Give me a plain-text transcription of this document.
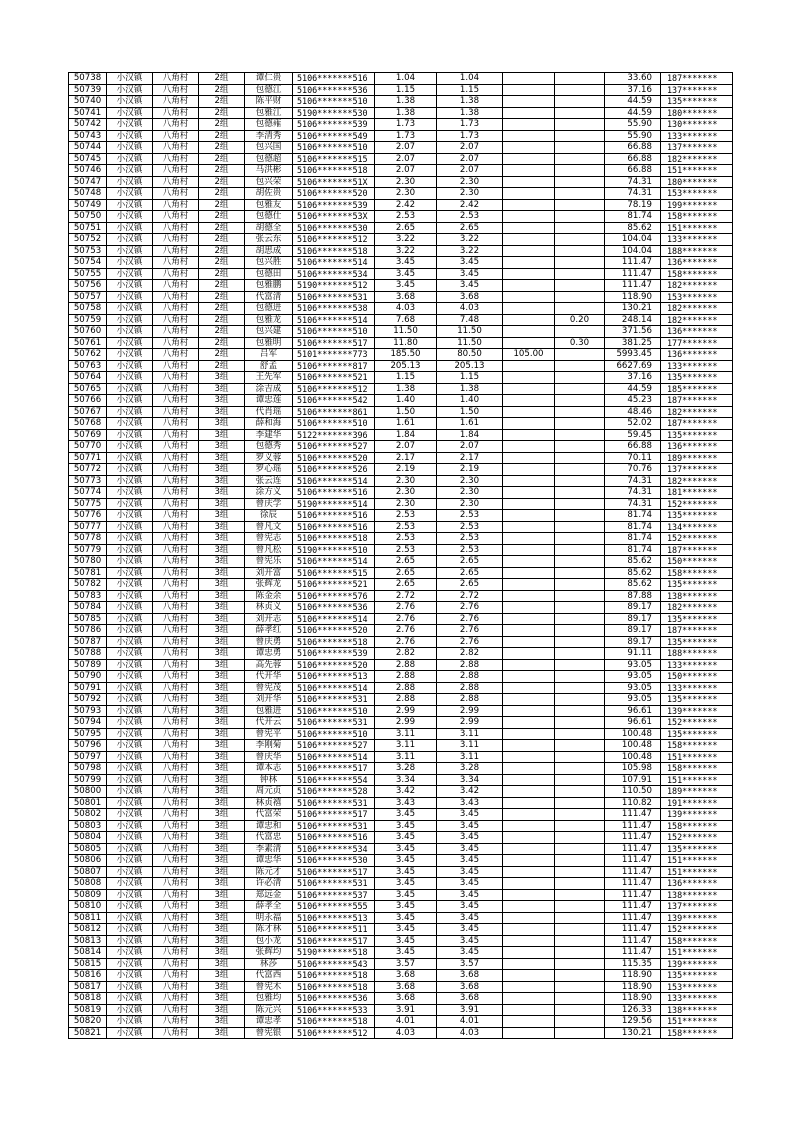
50738	小汉镇	八角村	2组	谭仁贵	5106*******516	1.04	1.04			33.60	187*******
50739	小汉镇	八角村	2组	包德江	5106*******536	1.15	1.15			37.16	137*******
50740	小汉镇	八角村	2组	陈平财	5106*******510	1.38	1.38			44.59	135*******
50741	小汉镇	八角村	2组	包雅江	5190*******530	1.38	1.38			44.59	180*******
50742	小汉镇	八角村	2组	包德雍	5106*******539	1.73	1.73			55.90	130*******
50743	小汉镇	八角村	2组	李清秀	5106*******549	1.73	1.73			55.90	133*******
50744	小汉镇	八角村	2组	包兴国	5106*******510	2.07	2.07			66.88	137*******
50745	小汉镇	八角村	2组	包德超	5106*******515	2.07	2.07			66.88	182*******
50746	小汉镇	八角村	2组	马洪彬	5106*******518	2.07	2.07			66.88	151*******
50747	小汉镇	八角村	2组	包兴荣	5106*******51X	2.30	2.30			74.31	180*******
50748	小汉镇	八角村	2组	胡佐贵	5106*******520	2.30	2.30			74.31	153*******
50749	小汉镇	八角村	2组	包雅友	5106*******539	2.42	2.42			78.19	199*******
50750	小汉镇	八角村	2组	包德仕	5106*******53X	2.53	2.53			81.74	158*******
50751	小汉镇	八角村	2组	胡德全	5106*******530	2.65	2.65			85.62	151*******
50752	小汉镇	八角村	2组	张云东	5106*******512	3.22	3.22			104.04	133*******
50753	小汉镇	八角村	2组	胡思成	5106*******518	3.22	3.22			104.04	188*******
50754	小汉镇	八角村	2组	包兴胜	5106*******514	3.45	3.45			111.47	136*******
50755	小汉镇	八角村	2组	包德田	5106*******534	3.45	3.45			111.47	158*******
50756	小汉镇	八角村	2组	包雅鹏	5190*******512	3.45	3.45			111.47	182*******
50757	小汉镇	八角村	2组	代富清	5106*******531	3.68	3.68			118.90	153*******
50758	小汉镇	八角村	2组	包德进	5106*******538	4.03	4.03			130.21	182*******
50759	小汉镇	八角村	2组	包雅龙	5106*******514	7.68	7.48		0.20	248.14	182*******
50760	小汉镇	八角村	2组	包兴建	5106*******510	11.50	11.50			371.56	136*******
50761	小汉镇	八角村	2组	包雅明	5106*******517	11.80	11.50		0.30	381.25	177*******
50762	小汉镇	八角村	2组	吕军	5101*******773	185.50	80.50	105.00		5993.45	136*******
50763	小汉镇	八角村	2组	舒孟	5106*******817	205.13	205.13			6627.69	133*******
50764	小汉镇	八角村	3组	王先军	5106*******521	1.15	1.15			37.16	135*******
50765	小汉镇	八角村	3组	涂吉成	5106*******512	1.38	1.38			44.59	185*******
50766	小汉镇	八角村	3组	谭忠莲	5106*******542	1.40	1.40			45.23	187*******
50767	小汉镇	八角村	3组	代肖瑶	5106*******861	1.50	1.50			48.46	182*******
50768	小汉镇	八角村	3组	薛和海	5106*******510	1.61	1.61			52.02	187*******
50769	小汉镇	八角村	3组	李建华	5122*******396	1.84	1.84			59.45	135*******
50770	小汉镇	八角村	3组	包德秀	5106*******527	2.07	2.07			66.88	136*******
50771	小汉镇	八角村	3组	罗义蓉	5106*******520	2.17	2.17			70.11	189*******
50772	小汉镇	八角村	3组	罗心瑶	5106*******526	2.19	2.19			70.76	137*******
50773	小汉镇	八角村	3组	张云连	5106*******514	2.30	2.30			74.31	182*******
50774	小汉镇	八角村	3组	涂方义	5106*******516	2.30	2.30			74.31	181*******
50775	小汉镇	八角村	3组	曾庆学	5190*******514	2.30	2.30			74.31	152*******
50776	小汉镇	八角村	3组	徐辰	5106*******516	2.53	2.53			81.74	135*******
50777	小汉镇	八角村	3组	曾凡文	5106*******516	2.53	2.53			81.74	134*******
50778	小汉镇	八角村	3组	曾宪志	5106*******518	2.53	2.53			81.74	152*******
50779	小汉镇	八角村	3组	曾凡松	5190*******510	2.53	2.53			81.74	187*******
50780	小汉镇	八角村	3组	曾宪乐	5106*******514	2.65	2.65			85.62	150*******
50781	小汉镇	八角村	3组	刘开富	5106*******515	2.65	2.65			85.62	158*******
50782	小汉镇	八角村	3组	张辉龙	5106*******521	2.65	2.65			85.62	135*******
50783	小汉镇	八角村	3组	陈金余	5106*******576	2.72	2.72			87.88	138*******
50784	小汉镇	八角村	3组	林贞义	5106*******536	2.76	2.76			89.17	182*******
50785	小汉镇	八角村	3组	刘开志	5106*******514	2.76	2.76			89.17	135*******
50786	小汉镇	八角村	3组	薛孝红	5106*******520	2.76	2.76			89.17	187*******
50787	小汉镇	八角村	3组	曾庆勇	5106*******518	2.76	2.76			89.17	135*******
50788	小汉镇	八角村	3组	谭忠勇	5106*******539	2.82	2.82			91.11	188*******
50789	小汉镇	八角村	3组	高先蓉	5106*******520	2.88	2.88			93.05	133*******
50790	小汉镇	八角村	3组	代开华	5106*******513	2.88	2.88			93.05	150*******
50791	小汉镇	八角村	3组	曾宪茂	5106*******514	2.88	2.88			93.05	133*******
50792	小汉镇	八角村	3组	刘开华	5106*******531	2.88	2.88			93.05	135*******
50793	小汉镇	八角村	3组	包雅进	5106*******510	2.99	2.99			96.61	139*******
50794	小汉镇	八角村	3组	代开云	5106*******531	2.99	2.99			96.61	152*******
50795	小汉镇	八角村	3组	曾宪平	5106*******510	3.11	3.11			100.48	135*******
50796	小汉镇	八角村	3组	李刚菊	5106*******527	3.11	3.11			100.48	158*******
50797	小汉镇	八角村	3组	曾庆华	5106*******514	3.11	3.11			100.48	151*******
50798	小汉镇	八角村	3组	谭本志	5106*******517	3.28	3.28			105.98	158*******
50799	小汉镇	八角村	3组	钟林	5106*******554	3.34	3.34			107.91	151*******
50800	小汉镇	八角村	3组	周元贞	5106*******528	3.42	3.42			110.50	189*******
50801	小汉镇	八角村	3组	林贞禧	5106*******531	3.43	3.43			110.82	191*******
50802	小汉镇	八角村	3组	代富荣	5106*******517	3.45	3.45			111.47	139*******
50803	小汉镇	八角村	3组	谭忠和	5106*******531	3.45	3.45			111.47	158*******
50804	小汉镇	八角村	3组	代富忠	5106*******516	3.45	3.45			111.47	152*******
50805	小汉镇	八角村	3组	李素清	5106*******534	3.45	3.45			111.47	135*******
50806	小汉镇	八角村	3组	谭忠华	5106*******530	3.45	3.45			111.47	151*******
50807	小汉镇	八角村	3组	陈元才	5106*******517	3.45	3.45			111.47	151*******
50808	小汉镇	八角村	3组	许必清	5106*******531	3.45	3.45			111.47	136*******
50809	小汉镇	八角村	3组	郑远金	5106*******537	3.45	3.45			111.47	138*******
50810	小汉镇	八角村	3组	薛孝全	5106*******555	3.45	3.45			111.47	137*******
50811	小汉镇	八角村	3组	明永福	5106*******513	3.45	3.45			111.47	139*******
50812	小汉镇	八角村	3组	陈才林	5106*******511	3.45	3.45			111.47	152*******
50813	小汉镇	八角村	3组	包小龙	5106*******517	3.45	3.45			111.47	158*******
50814	小汉镇	八角村	3组	张辉均	5190*******518	3.45	3.45			111.47	151*******
50815	小汉镇	八角村	3组	林莎	5106*******543	3.57	3.57			115.35	139*******
50816	小汉镇	八角村	3组	代富西	5106*******518	3.68	3.68			118.90	135*******
50817	小汉镇	八角村	3组	曾宪木	5106*******518	3.68	3.68			118.90	153*******
50818	小汉镇	八角村	3组	包雅均	5106*******536	3.68	3.68			118.90	133*******
50819	小汉镇	八角村	3组	陈元兴	5106*******533	3.91	3.91			126.33	138*******
50820	小汉镇	八角村	3组	谭忠孝	5106*******518	4.01	4.01			129.56	151*******
50821	小汉镇	八角村	3组	曾宪银	5106*******512	4.03	4.03			130.21	158*******
